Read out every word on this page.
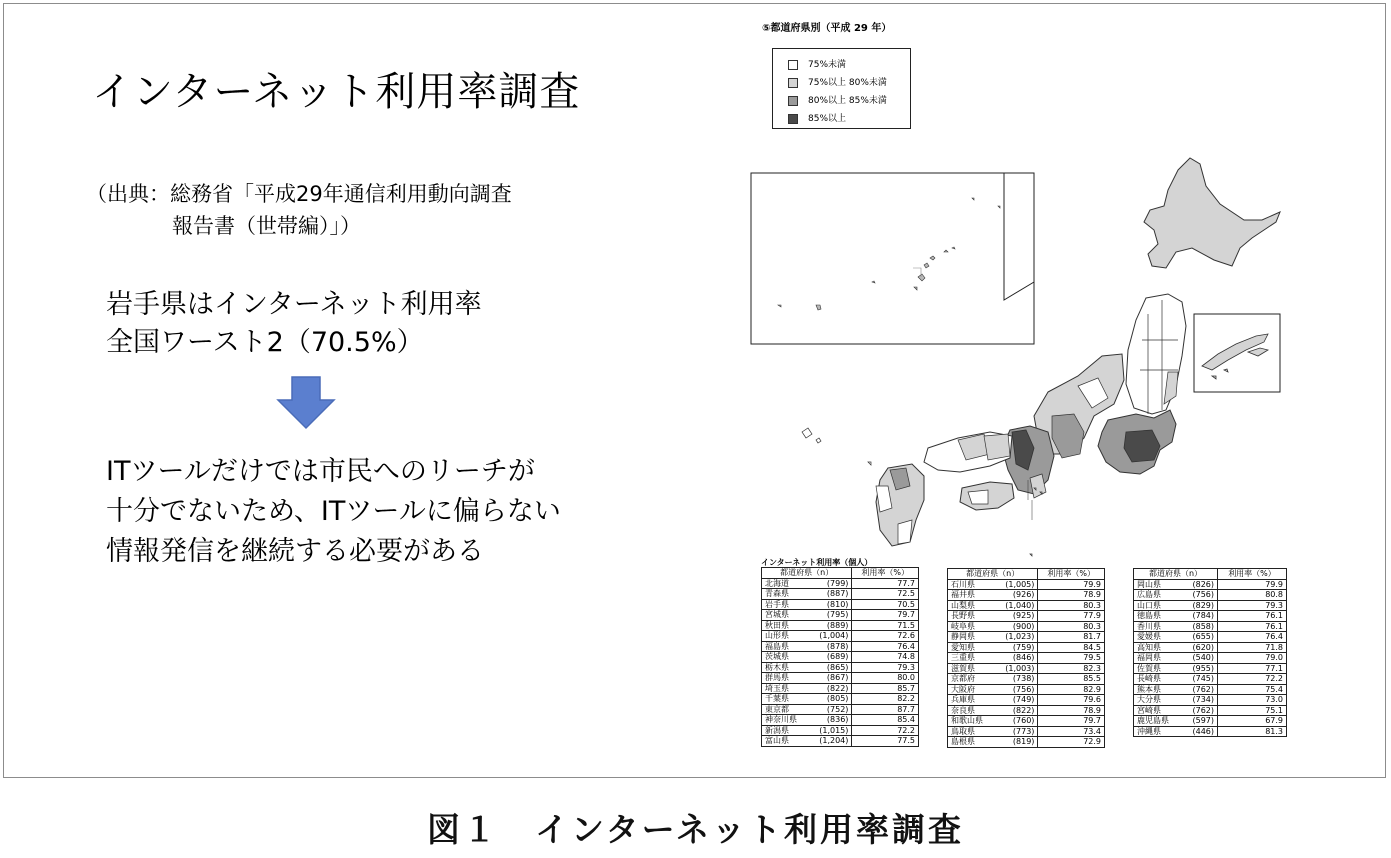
インターネット利用率調査
（出典：総務省「平成29年通信利用動向調査
報告書（世帯編）」）
岩手県はインターネット利用率
全国ワースト2（70.5%）
ITツールだけでは市民へのリーチが
十分でないため、ITツールに偏らない
情報発信を継続する必要がある
⑤都道府県別（平成 29 年）
75%未満
75%以上 80%未満
80%以上 85%未満
85%以上
インターネット利用率（個人）
都道府県（n）		利用率（%）
北海道	(799)	77.7
青森県	(887)	72.5
岩手県	(810)	70.5
宮城県	(795)	79.7
秋田県	(889)	71.5
山形県	(1,004)	72.6
福島県	(878)	76.4
茨城県	(689)	74.8
栃木県	(865)	79.3
群馬県	(867)	80.0
埼玉県	(822)	85.7
千葉県	(805)	82.2
東京都	(752)	87.7
神奈川県	(836)	85.4
新潟県	(1,015)	72.2
富山県	(1,204)	77.5
都道府県（n）		利用率（%）
石川県	(1,005)	79.9
福井県	(926)	78.9
山梨県	(1,040)	80.3
長野県	(925)	77.9
岐阜県	(900)	80.3
静岡県	(1,023)	81.7
愛知県	(759)	84.5
三重県	(846)	79.5
滋賀県	(1,003)	82.3
京都府	(738)	85.5
大阪府	(756)	82.9
兵庫県	(749)	79.6
奈良県	(822)	78.9
和歌山県	(760)	79.7
鳥取県	(773)	73.4
島根県	(819)	72.9
都道府県（n）		利用率（%）
岡山県	(826)	79.9
広島県	(756)	80.8
山口県	(829)	79.3
徳島県	(784)	76.1
香川県	(858)	76.1
愛媛県	(655)	76.4
高知県	(620)	71.8
福岡県	(540)	79.0
佐賀県	(955)	77.1
長崎県	(745)	72.2
熊本県	(762)	75.4
大分県	(734)	73.0
宮崎県	(762)	75.1
鹿児島県	(597)	67.9
沖縄県	(446)	81.3
図１　インターネット利用率調査
